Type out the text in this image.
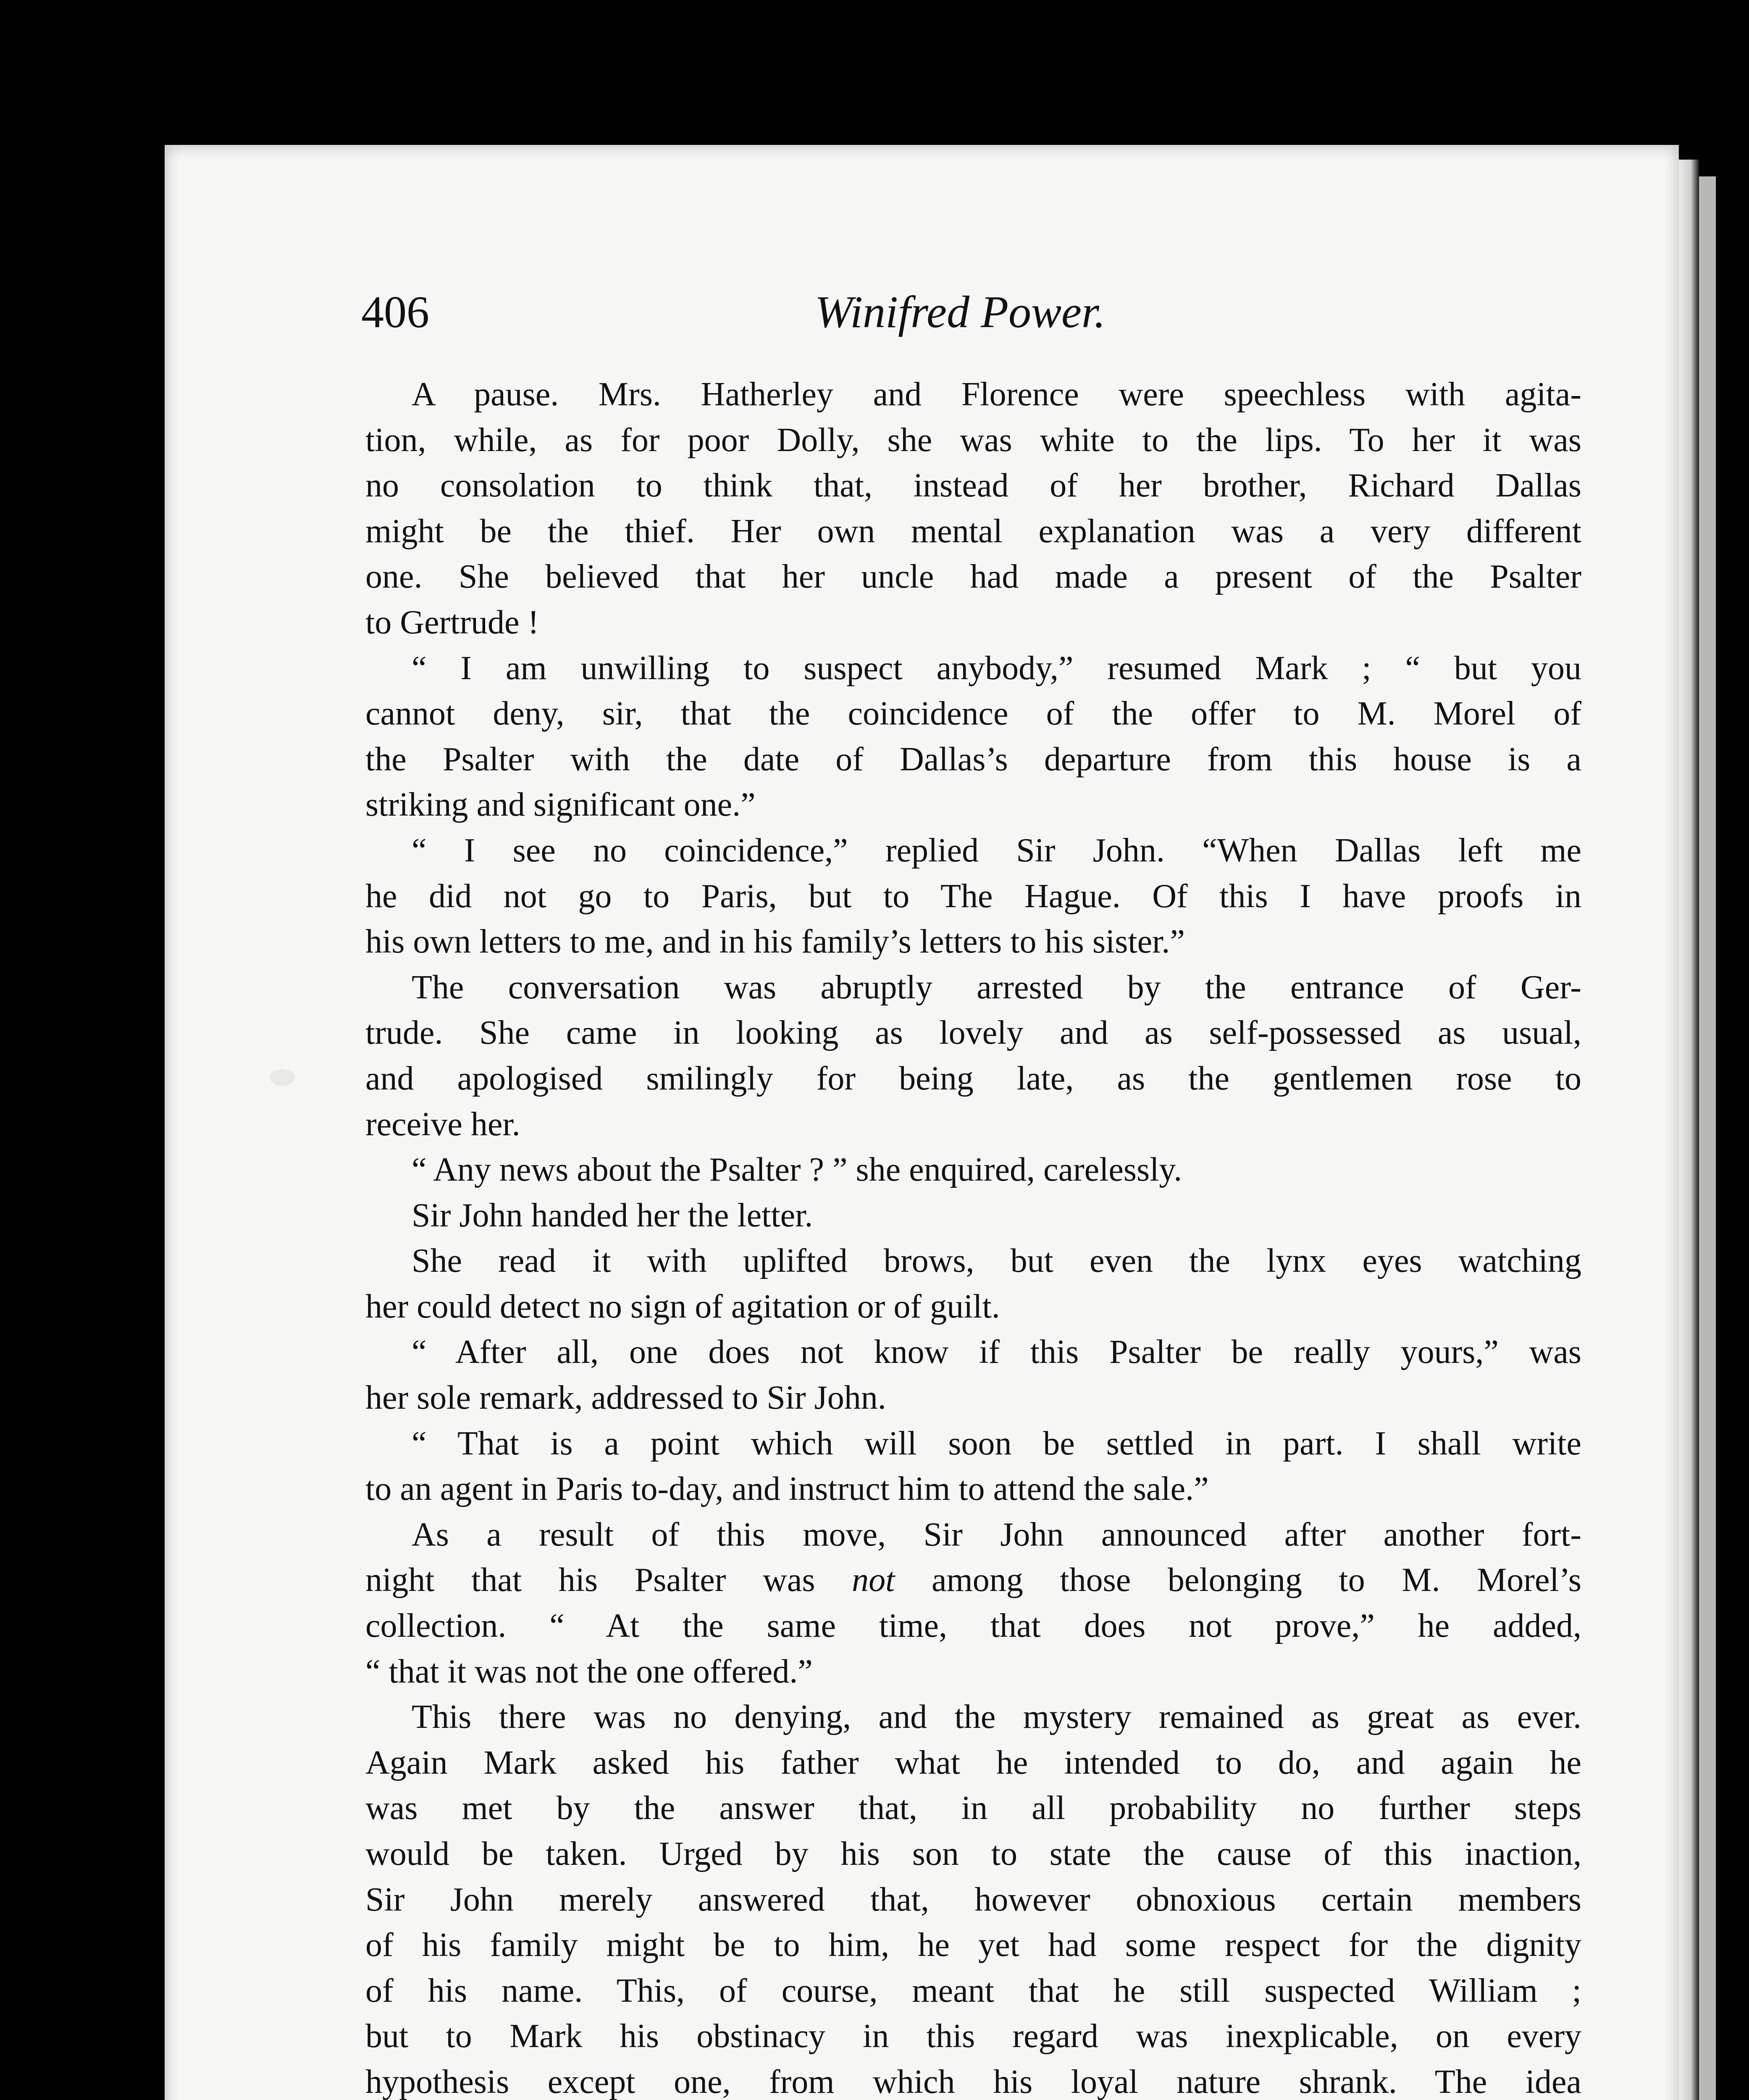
406	Winifred Power.
A pause. Mrs. Hatherley and Florence were speechless with agita-
tion, while, as for poor Dolly, she was white to the lips. To her it was
no consolation to think that, instead of her brother, Richard Dallas
might be the thief. Her own mental explanation was a very different
one. She believed that her uncle had made a present of the Psalter
to Gertrude !
“ I am unwilling to suspect anybody,” resumed Mark ; “ but you
cannot deny, sir, that the coincidence of the offer to M. Morel of
the Psalter with the date of Dallas’s departure from this house is a
striking and significant one.”
“ I see no coincidence,” replied Sir John. “When Dallas left me
he did not go to Paris, but to The Hague. Of this I have proofs in
his own letters to me, and in his family’s letters to his sister.”
The conversation was abruptly arrested by the entrance of Ger-
trude. She came in looking as lovely and as self-possessed as usual,
and apologised smilingly for being late, as the gentlemen rose to
receive her.
“ Any news about the Psalter ? ” she enquired, carelessly.
Sir John handed her the letter.
She read it with uplifted brows, but even the lynx eyes watching
her could detect no sign of agitation or of guilt.
“ After all, one does not know if this Psalter be really yours,” was
her sole remark, addressed to Sir John.
“ That is a point which will soon be settled in part. I shall write
to an agent in Paris to-day, and instruct him to attend the sale.”
As a result of this move, Sir John announced after another fort-
night that his Psalter was not among those belonging to M. Morel’s
collection. “ At the same time, that does not prove,” he added,
“ that it was not the one offered.”
This there was no denying, and the mystery remained as great as ever.
Again Mark asked his father what he intended to do, and again he
was met by the answer that, in all probability no further steps
would be taken. Urged by his son to state the cause of this inaction,
Sir John merely answered that, however obnoxious certain members
of his family might be to him, he yet had some respect for the dignity
of his name. This, of course, meant that he still suspected William ;
but to Mark his obstinacy in this regard was inexplicable, on every
hypothesis except one, from which his loyal nature shrank. The idea
